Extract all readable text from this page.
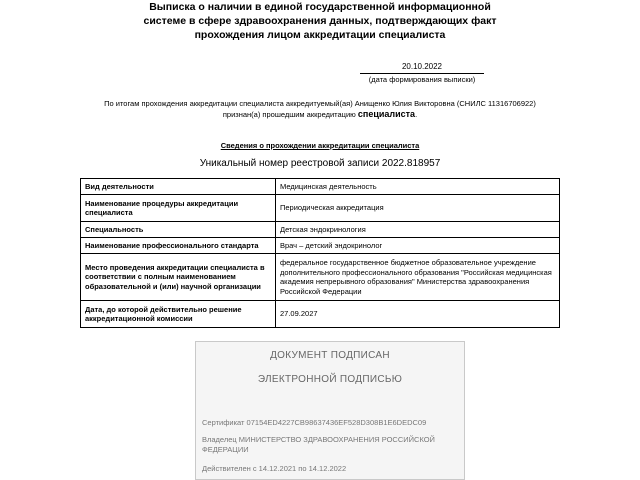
Выписка о наличии в единой государственной информационной
системе в сфере здравоохранения данных, подтверждающих факт
прохождения лицом аккредитации специалиста
20.10.2022
(дата формирования выписки)
По итогам прохождения аккредитации специалиста аккредитуемый(ая) Анищенко Юлия Викторовна (СНИЛС 11316706922)
признан(а) прошедшим аккредитацию специалиста.
Сведения о прохождении аккредитации специалиста
Уникальный номер реестровой записи 2022.818957
Вид деятельности	Медицинская деятельность
Наименование процедуры аккредитации специалиста	Периодическая аккредитация
Специальность	Детская эндокринология
Наименование профессионального стандарта	Врач – детский эндокринолог
Место проведения аккредитации специалиста в соответствии с полным наименованием образовательной и (или) научной организации	федеральное государственное бюджетное образовательное учреждение дополнительного профессионального образования "Российская медицинская академия непрерывного образования" Министерства здравоохранения Российской Федерации
Дата, до которой действительно решение аккредитационной комиссии	27.09.2027
ДОКУМЕНТ ПОДПИСАН
ЭЛЕКТРОННОЙ ПОДПИСЬЮ
Сертификат 07154ED4227CB98637436EF528D308B1E6DEDC09
Владелец МИНИСТЕРСТВО ЗДРАВООХРАНЕНИЯ РОССИЙСКОЙ ФЕДЕРАЦИИ
Действителен с 14.12.2021 по 14.12.2022
